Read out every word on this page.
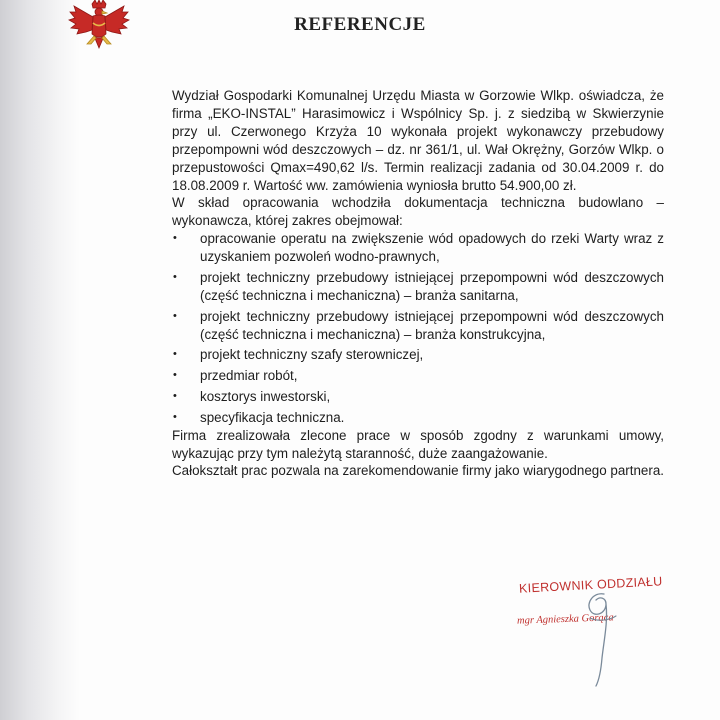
REFERENCJE

Wydział Gospodarki Komunalnej Urzędu Miasta w Gorzowie Wlkp. oświadcza, że firma „EKO-INSTAL” Harasimowicz i Wspólnicy Sp. j. z siedzibą w Skwierzynie przy ul. Czerwonego Krzyża 10 wykonała projekt wykonawczy przebudowy przepompowni wód deszczowych – dz. nr 361/1, ul. Wał Okrężny, Gorzów Wlkp. o przepustowości Qmax=490,62 l/s. Termin realizacji zadania od 30.04.2009 r. do 18.08.2009 r. Wartość ww. zamówienia wyniosła brutto 54.900,00 zł.

W skład opracowania wchodziła dokumentacja techniczna budowlano – wykonawcza, której zakres obejmował:

• opracowanie operatu na zwiększenie wód opadowych do rzeki Warty wraz z uzyskaniem pozwoleń wodno-prawnych,
• projekt techniczny przebudowy istniejącej przepompowni wód deszczowych (część techniczna i mechaniczna) – branża sanitarna,
• projekt techniczny przebudowy istniejącej przepompowni wód deszczowych (część techniczna i mechaniczna) – branża konstrukcyjna,
• projekt techniczny szafy sterowniczej,
• przedmiar robót,
• kosztorys inwestorski,
• specyfikacja techniczna.

Firma zrealizowała zlecone prace w sposób zgodny z warunkami umowy, wykazując przy tym należytą staranność, duże zaangażowanie.

Całokształt prac pozwala na zarekomendowanie firmy jako wiarygodnego partnera.

KIEROWNIK ODDZIAŁU
mgr Agnieszka Gorąca
